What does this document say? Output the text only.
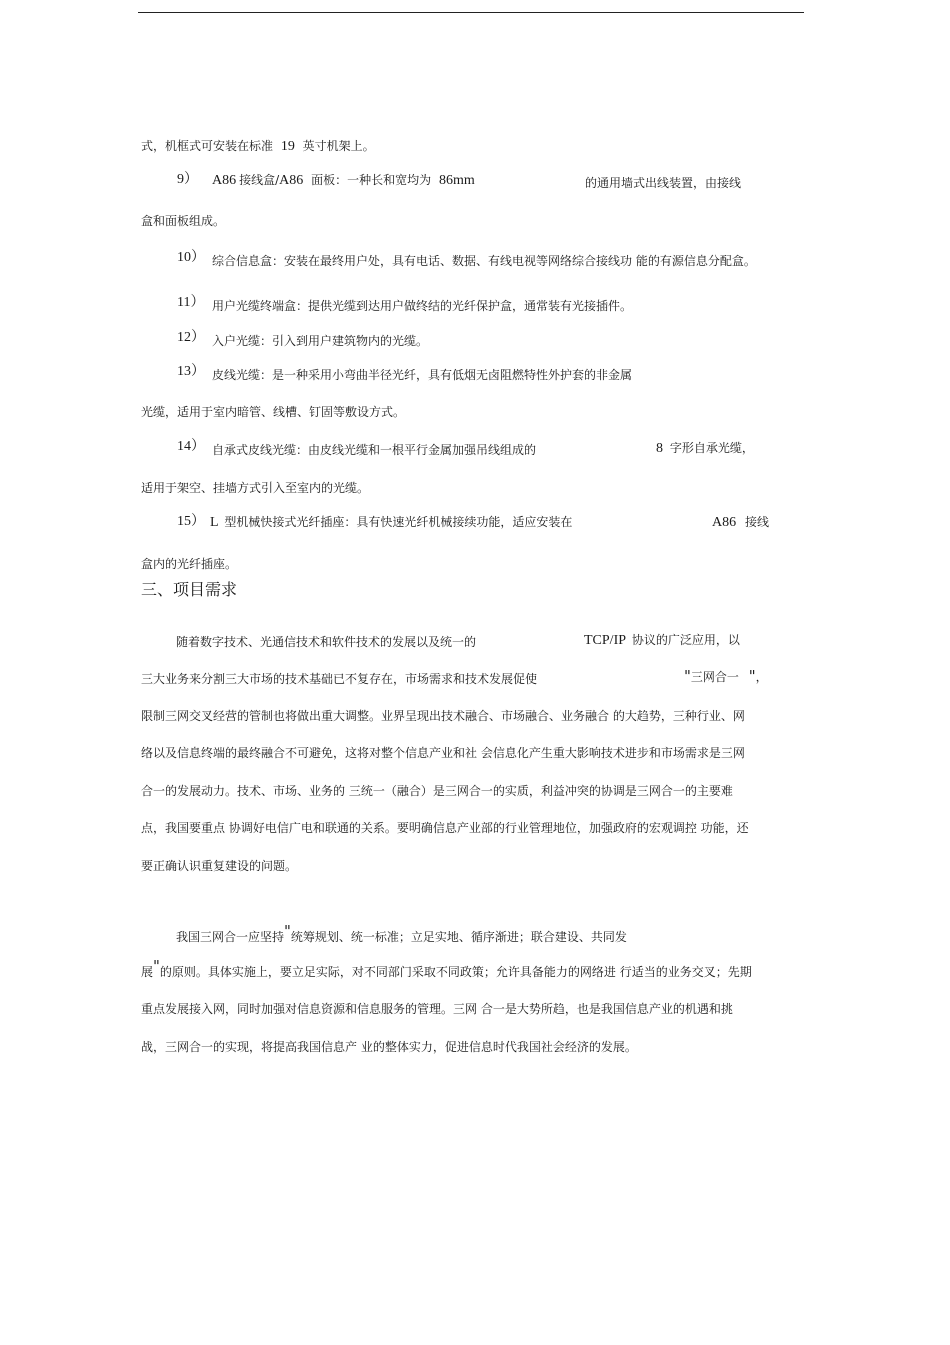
式，机框式可安装在标准 19 英寸机架上。
9） A86 接线盒/A86 面板：一种长和宽均为 86mm	的通用墙式出线装置，由接线
盒和面板组成。
10） 综合信息盒：安装在最终用户处，具有电话、数据、有线电视等网络综合接线功 能的有源信息分配盒。
11） 用户光缆终端盒：提供光缆到达用户做终结的光纤保护盒，通常装有光接插件。
12） 入户光缆：引入到用户建筑物内的光缆。
13） 皮线光缆：是一种采用小弯曲半径光纤，具有低烟无卤阻燃特性外护套的非金属
光缆，适用于室内暗管、线槽、钉固等敷设方式。
14） 自承式皮线光缆：由皮线光缆和一根平行金属加强吊线组成的	8 字形自承光缆，
适用于架空、挂墙方式引入至室内的光缆。
15） L 型机械快接式光纤插座：具有快速光纤机械接续功能，适应安装在	A86 接线
盒内的光纤插座。
三、项目需求
随着数字技术、光通信技术和软件技术的发展以及统一的	TCP/IP 协议的广泛应用，以
三大业务来分割三大市场的技术基础已不复存在，市场需求和技术发展促使	"三网合一 "，
限制三网交叉经营的管制也将做出重大调整。业界呈现出技术融合、市场融合、业务融合 的大趋势，三种行业、网
络以及信息终端的最终融合不可避免，这将对整个信息产业和社 会信息化产生重大影响技术进步和市场需求是三网
合一的发展动力。技术、市场、业务的 三统一（融合）是三网合一的实质，利益冲突的协调是三网合一的主要难
点，我国要重点 协调好电信广电和联通的关系。要明确信息产业部的行业管理地位，加强政府的宏观调控 功能，还
要正确认识重复建设的问题。
我国三网合一应坚持"统筹规划、统一标准；立足实地、循序渐进；联合建设、共同发
展"的原则。具体实施上，要立足实际，对不同部门采取不同政策；允许具备能力的网络进 行适当的业务交叉；先期
重点发展接入网，同时加强对信息资源和信息服务的管理。三网 合一是大势所趋，也是我国信息产业的机遇和挑
战，三网合一的实现，将提高我国信息产 业的整体实力，促进信息时代我国社会经济的发展。
